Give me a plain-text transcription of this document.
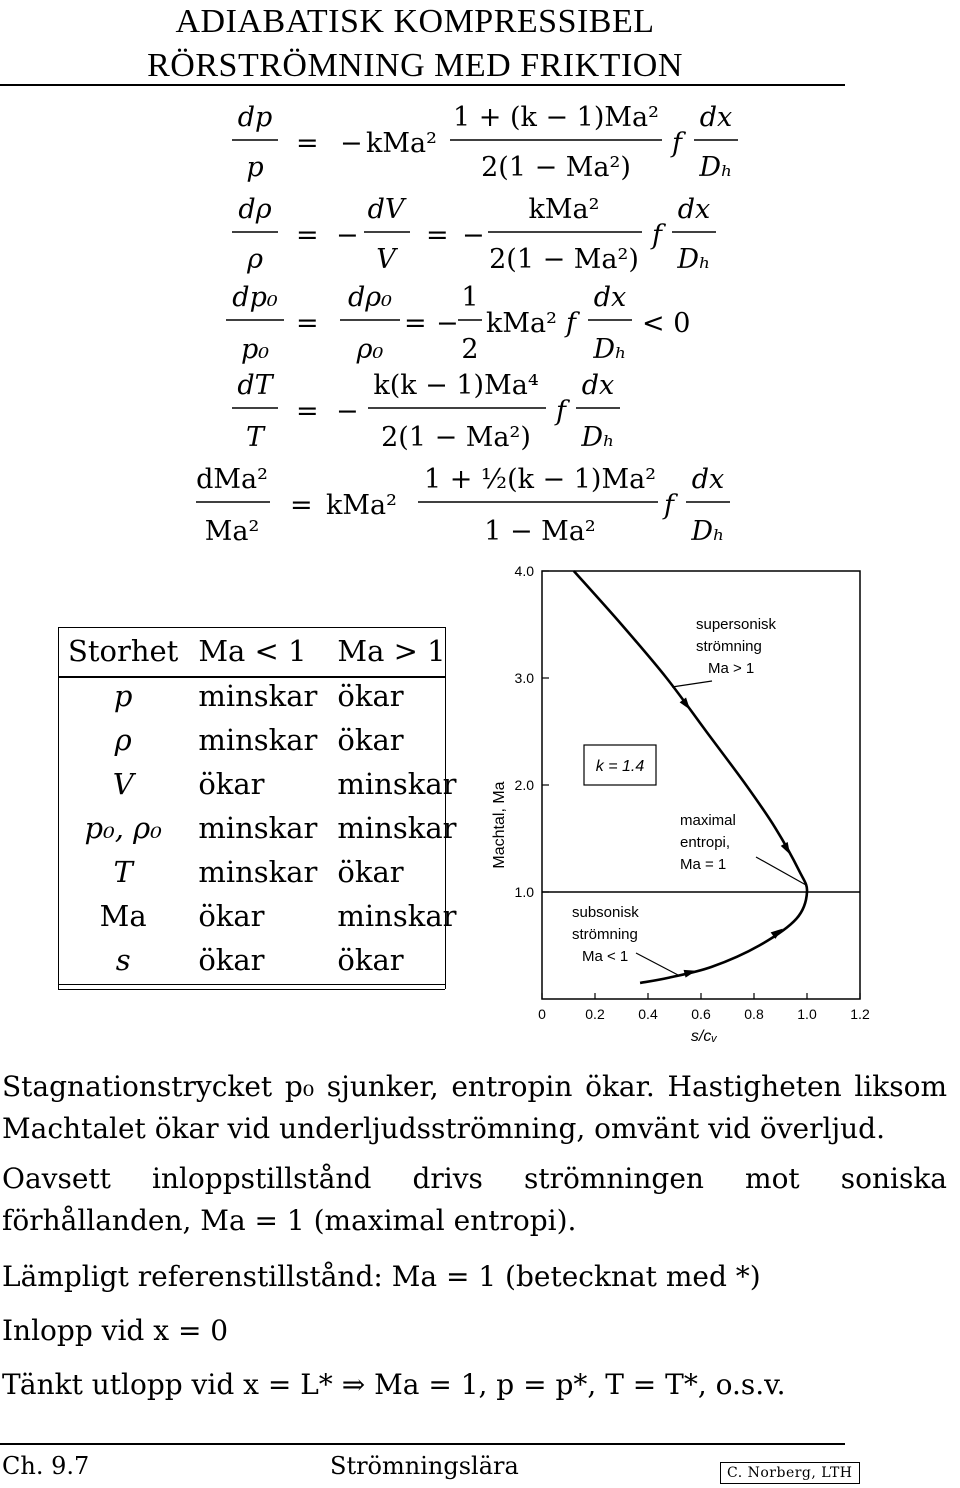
ADIABATISK KOMPRESSIBEL
RÖRSTRÖMNING MED FRIKTION
dp
p
= − kMa²
1 + (k − 1)Ma²
2(1 − Ma²)
f
dx
Dₕ
dρ
ρ
= −
dV
V
= −
kMa²
2(1 − Ma²)
f
dx
Dₕ
dp₀
p₀
=
dρ₀
ρ₀
= −
1
2
kMa² f
dx
Dₕ
< 0
dT
T
= −
k(k − 1)Ma⁴
2(1 − Ma²)
f
dx
Dₕ
dMa²
Ma²
= kMa²
1 + ½(k − 1)Ma²
1 − Ma²
f
dx
Dₕ
Storhet	Ma < 1	Ma > 1
p	minskar	ökar
ρ	minskar	ökar
V	ökar	minskar
p₀, ρ₀	minskar	minskar
T	minskar	ökar
Ma	ökar	minskar
s	ökar	ökar
1.0
2.0
3.0
4.0
0	0.2 0.4 0.6 0.8 1.0 1.2
Machtal, Ma
s/cᵥ
supersonisk
strömning
Ma > 1
k = 1.4
maximal
entropi,
Ma = 1
subsonisk
strömning
Ma < 1
Stagnationstrycket p₀ sjunker, entropin ökar. Hastigheten liksom Machtalet ökar vid underljudsströmning, omvänt vid överljud.
Oavsett inloppstillstånd drivs strömningen mot soniska förhållanden, Ma = 1 (maximal entropi).
Lämpligt referenstillstånd: Ma = 1 (betecknat med *)
Inlopp vid x = 0
Tänkt utlopp vid x = L* ⇒ Ma = 1, p = p*, T = T*, o.s.v.
Ch. 9.7	Strömningslära	C. Norberg, LTH
